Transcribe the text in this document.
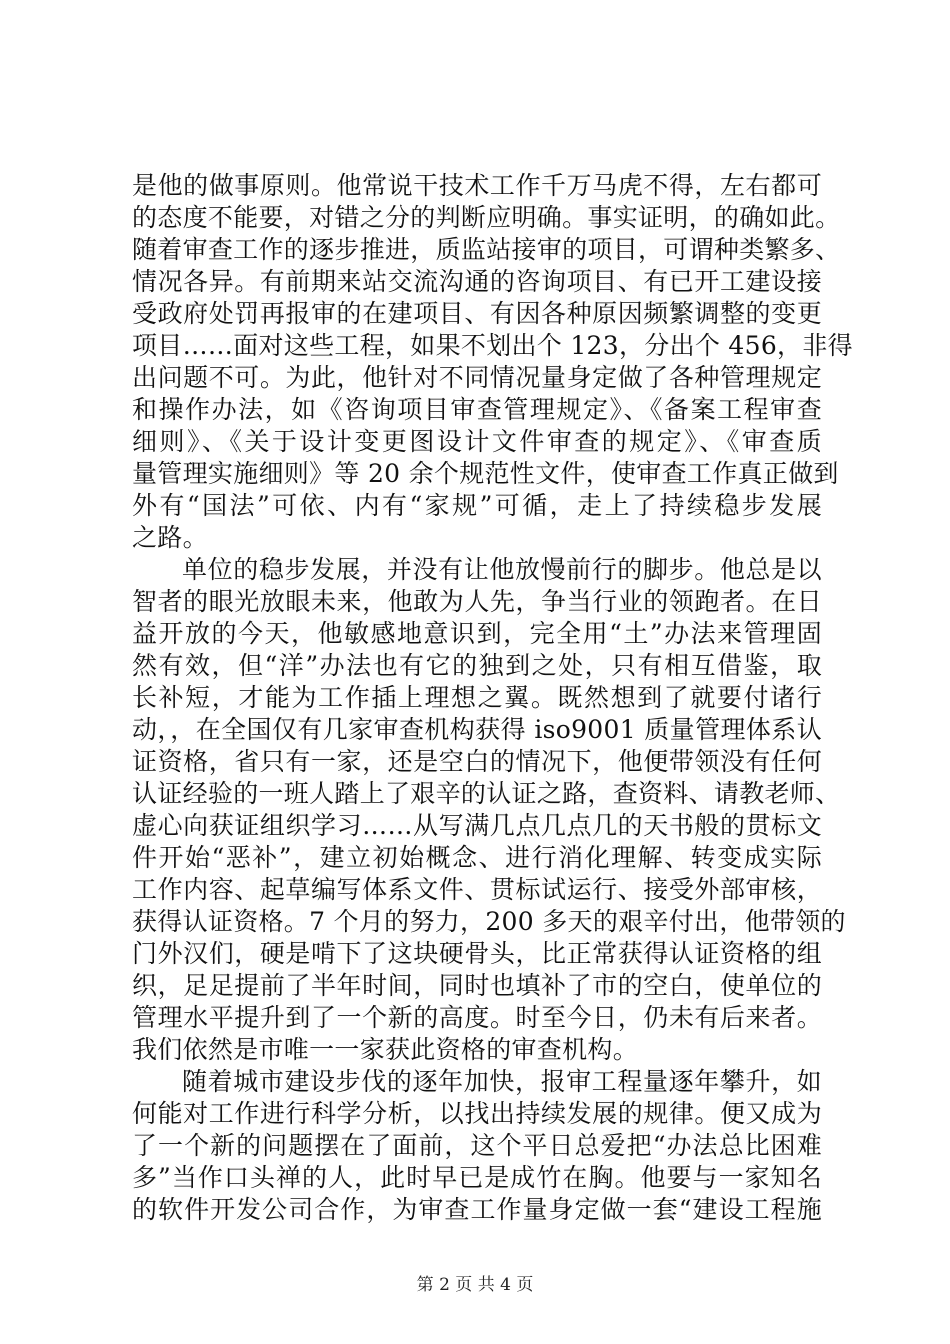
是他的做事原则。他常说干技术工作千万马虎不得，左右都可
的态度不能要，对错之分的判断应明确。事实证明，的确如此。
随着审查工作的逐步推进，质监站接审的项目，可谓种类繁多、
情况各异。有前期来站交流沟通的咨询项目、有已开工建设接
受政府处罚再报审的在建项目、有因各种原因频繁调整的变更
项目……面对这些工程，如果不划出个 123，分出个 456，非得
出问题不可。为此，他针对不同情况量身定做了各种管理规定
和操作办法，如《咨询项目审查管理规定》、《备案工程审查
细则》、《关于设计变更图设计文件审查的规定》、《审查质
量管理实施细则》等 20 余个规范性文件，使审查工作真正做到
外有“国法”可依、内有“家规”可循，走上了持续稳步发展
之路。
单位的稳步发展，并没有让他放慢前行的脚步。他总是以
智者的眼光放眼未来，他敢为人先，争当行业的领跑者。在日
益开放的今天，他敏感地意识到，完全用“土”办法来管理固
然有效，但“洋”办法也有它的独到之处，只有相互借鉴，取
长补短，才能为工作插上理想之翼。既然想到了就要付诸行
动，，在全国仅有几家审查机构获得 iso9001 质量管理体系认
证资格，省只有一家，还是空白的情况下，他便带领没有任何
认证经验的一班人踏上了艰辛的认证之路，查资料、请教老师、
虚心向获证组织学习……从写满几点几点几的天书般的贯标文
件开始“恶补”，建立初始概念、进行消化理解、转变成实际
工作内容、起草编写体系文件、贯标试运行、接受外部审核，
获得认证资格。7 个月的努力，200 多天的艰辛付出，他带领的
门外汉们，硬是啃下了这块硬骨头，比正常获得认证资格的组
织，足足提前了半年时间，同时也填补了市的空白，使单位的
管理水平提升到了一个新的高度。时至今日，仍未有后来者。
我们依然是市唯一一家获此资格的审查机构。
随着城市建设步伐的逐年加快，报审工程量逐年攀升，如
何能对工作进行科学分析，以找出持续发展的规律。便又成为
了一个新的问题摆在了面前，这个平日总爱把“办法总比困难
多”当作口头禅的人，此时早已是成竹在胸。他要与一家知名
的软件开发公司合作，为审查工作量身定做一套“建设工程施
第 2 页 共 4 页
